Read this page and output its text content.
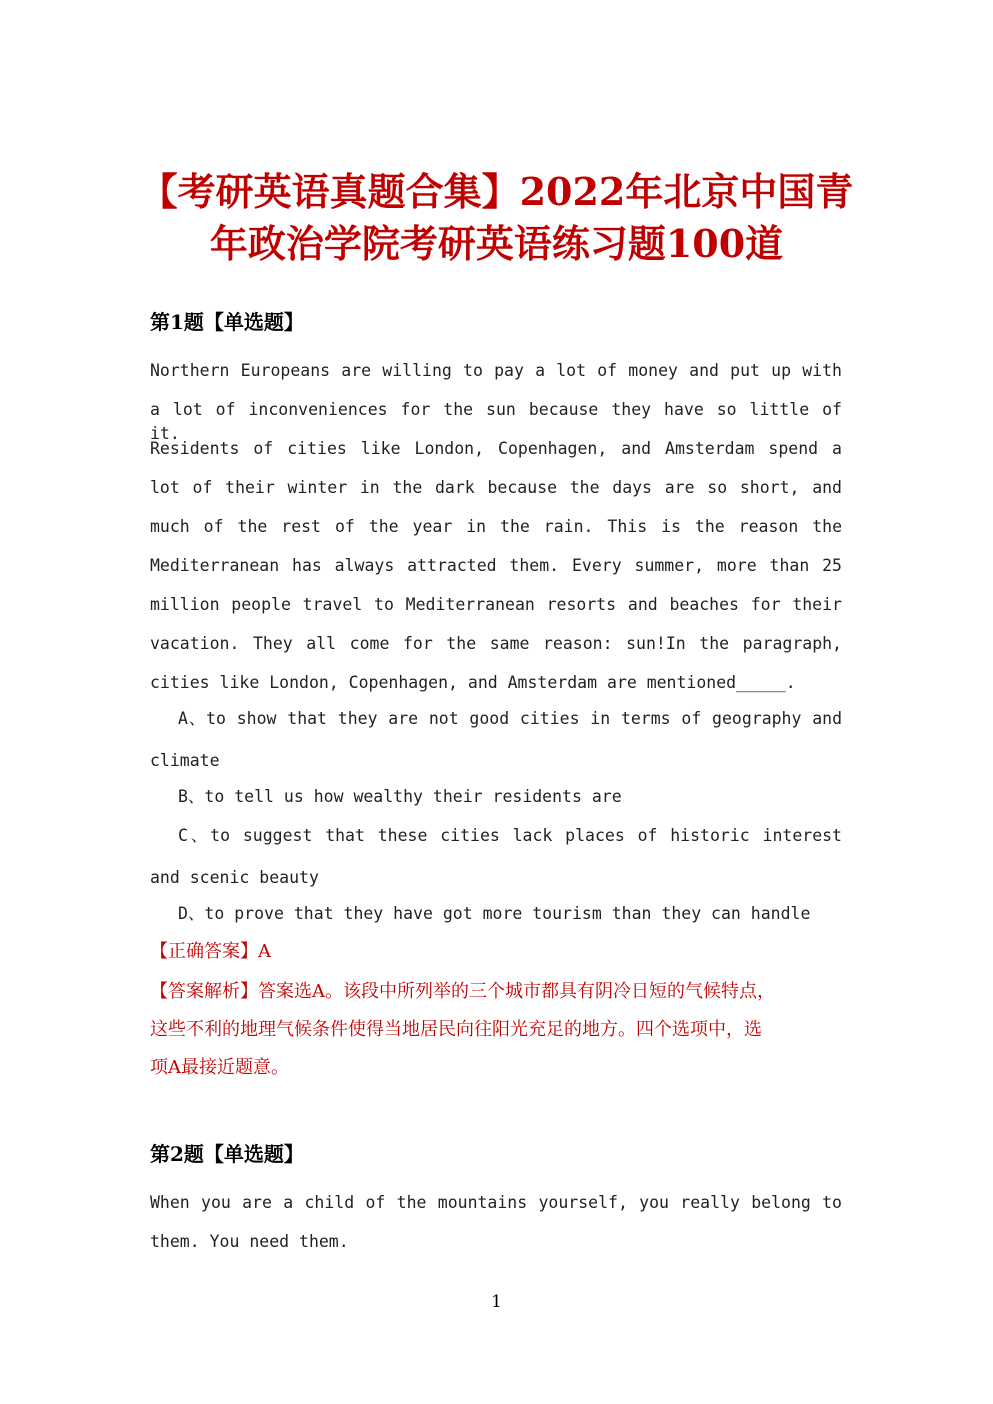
【考研英语真题合集】2022年北京中国青
年政治学院考研英语练习题100道
第1题【单选题】
Northern Europeans are willing to pay a lot of money and put up with
a lot of inconveniences for the sun because they have so little of it.
Residents of cities like London, Copenhagen, and Amsterdam spend a
lot of their winter in the dark because the days are so short, and
much of the rest of the year in the rain. This is the reason the
Mediterranean has always attracted them. Every summer, more than 25
million people travel to Mediterranean resorts and beaches for their
vacation. They all come for the same reason: sun!In the paragraph,
cities like London, Copenhagen, and Amsterdam are mentioned_____.
A、to show that they are not good cities in terms of geography and
climate
B、to tell us how wealthy their residents are
C、to suggest that these cities lack places of historic interest
and scenic beauty
D、to prove that they have got more tourism than they can handle
【正确答案】A
【答案解析】答案选A。该段中所列举的三个城市都具有阴冷日短的气候特点，
这些不利的地理气候条件使得当地居民向往阳光充足的地方。四个选项中，选
项A最接近题意。
第2题【单选题】
When you are a child of the mountains yourself, you really belong to
them. You need them.
1
